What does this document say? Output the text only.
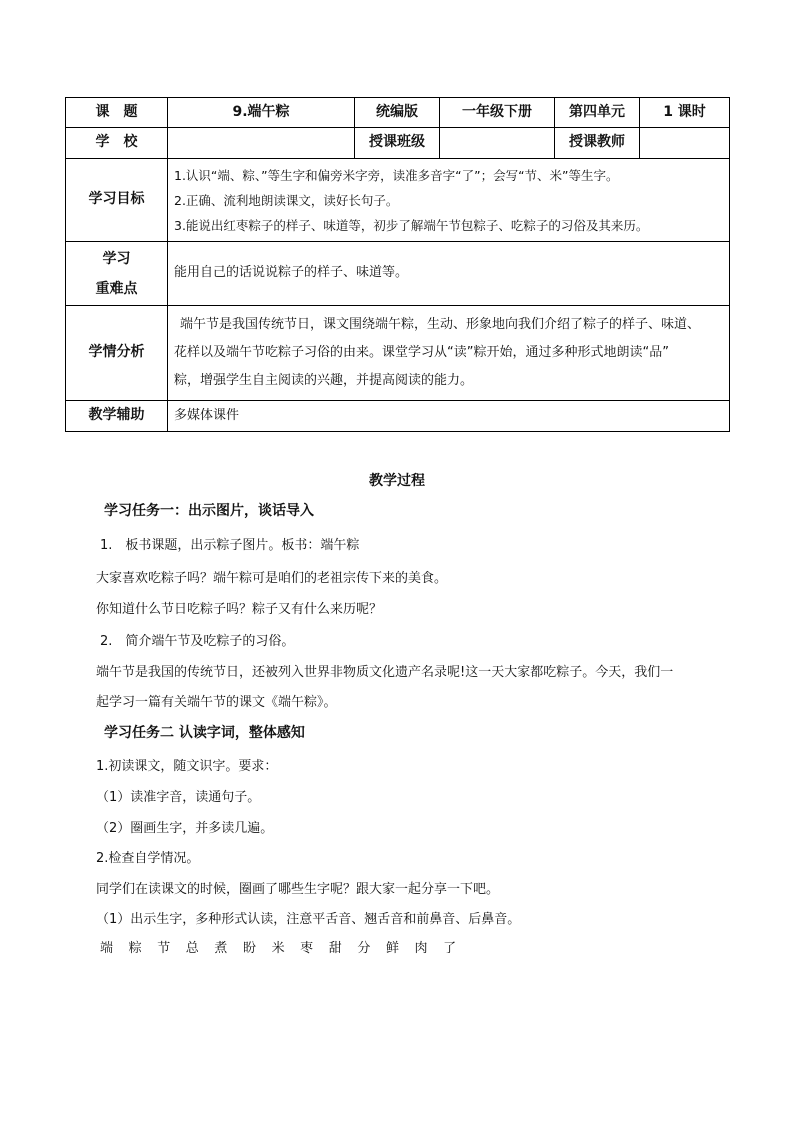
课　题	9.端午粽	统编版	一年级下册	第四单元	1 课时
学　校		授课班级		授课教师	
学习目标	1.认识“端、粽、”等生字和偏旁米字旁，读准多音字“了”；会写“节、米”等生字。
2.正确、流利地朗读课文，读好长句子。
3.能说出红枣粽子的样子、味道等，初步了解端午节包粽子、吃粽子的习俗及其来历。				

学习
重难点	能用自己的话说说粽子的样子、味道等。				
学情分析	端午节是我国传统节日，课文围绕端午粽，生动、形象地向我们介绍了粽子的样子、味道、
花样以及端午节吃粽子习俗的由来。课堂学习从“读”粽开始，通过多种形式地朗读“品”
粽，增强学生自主阅读的兴趣，并提高阅读的能力。				

教学辅助	多媒体课件				
教学过程
学习任务一：出示图片，谈话导入
1.　板书课题，出示粽子图片。板书：端午粽
大家喜欢吃粽子吗？端午粽可是咱们的老祖宗传下来的美食。
你知道什么节日吃粽子吗？粽子又有什么来历呢？
2.　简介端午节及吃粽子的习俗。
端午节是我国的传统节日，还被列入世界非物质文化遗产名录呢!这一天大家都吃粽子。今天，我们一
起学习一篇有关端午节的课文《端午粽》。
学习任务二 认读字词，整体感知
1.初读课文，随文识字。要求：
（1）读准字音，读通句子。
（2）圈画生字，并多读几遍。
2.检查自学情况。
同学们在读课文的时候，圈画了哪些生字呢？跟大家一起分享一下吧。
（1）出示生字，多种形式认读，注意平舌音、翘舌音和前鼻音、后鼻音。
端 粽 节 总 煮 盼 米 枣 甜 分 鲜 肉 了
